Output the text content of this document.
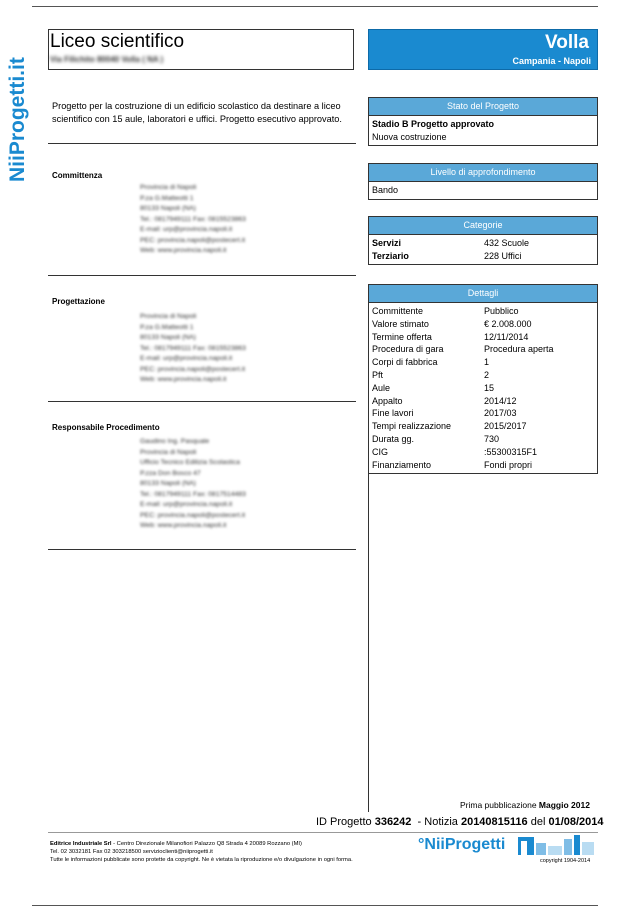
NiiProgetti.it
Liceo scientifico
Via Filichito 80040 Volla ( NA )
Volla
Campania - Napoli
Progetto per la costruzione di un edificio scolastico da destinare a liceo scientifico con 15 aule, laboratori e uffici. Progetto esecutivo approvato.
Committenza
Provincia di Napoli
P.za G.Matteotti 1
80133 Napoli (NA)
Tel.: 0817949111 Fax: 0815523863
E-mail: urp@provincia.napoli.it
PEC: provincia.napoli@postecert.it
Web: www.provincia.napoli.it
Progettazione
Provincia di Napoli
P.za G.Matteotti 1
80133 Napoli (NA)
Tel.: 0817949111 Fax: 0815523863
E-mail: urp@provincia.napoli.it
PEC: provincia.napoli@postecert.it
Web: www.provincia.napoli.it
Responsabile Procedimento
Gaudino Ing. Pasquale
Provincia di Napoli
Ufficio Tecnico Edilizia Scolastica
P.zza Don Bosco 47
80133 Napoli (NA)
Tel.: 0817949111 Fax: 0817514483
E-mail: urp@provincia.napoli.it
PEC: provincia.napoli@postecert.it
Web: www.provincia.napoli.it
Stato del Progetto
Stadio B Progetto approvato
Nuova costruzione
Livello di approfondimento
Bando
Categorie
Servizi	432 Scuole
Terziario	228 Uffici
Dettagli
Committente	Pubblico
Valore stimato	€ 2.008.000
Termine offerta	12/11/2014
Procedura di gara	Procedura aperta
Corpi di fabbrica	1
Pft	2
Aule	15
Appalto	2014/12
Fine lavori	2017/03
Tempi realizzazione	2015/2017
Durata gg.	730
CIG	:55300315F1
Finanziamento	Fondi propri
Prima pubblicazione Maggio 2012
ID Progetto 336242 - Notizia 20140815116 del 01/08/2014
Editrice Industriale Srl - Centro Direzionale Milanofiori Palazzo Q8 Strada 4 20089 Rozzano (MI)
Tel. 02 3032181 Fax 02 303218500 servizioclienti@niiprogetti.it
Tutte le informazioni pubblicate sono protette da copyright. Ne è vietata la riproduzione e/o divulgazione in ogni forma.
°NiiProgetti
copyright 1904-2014
